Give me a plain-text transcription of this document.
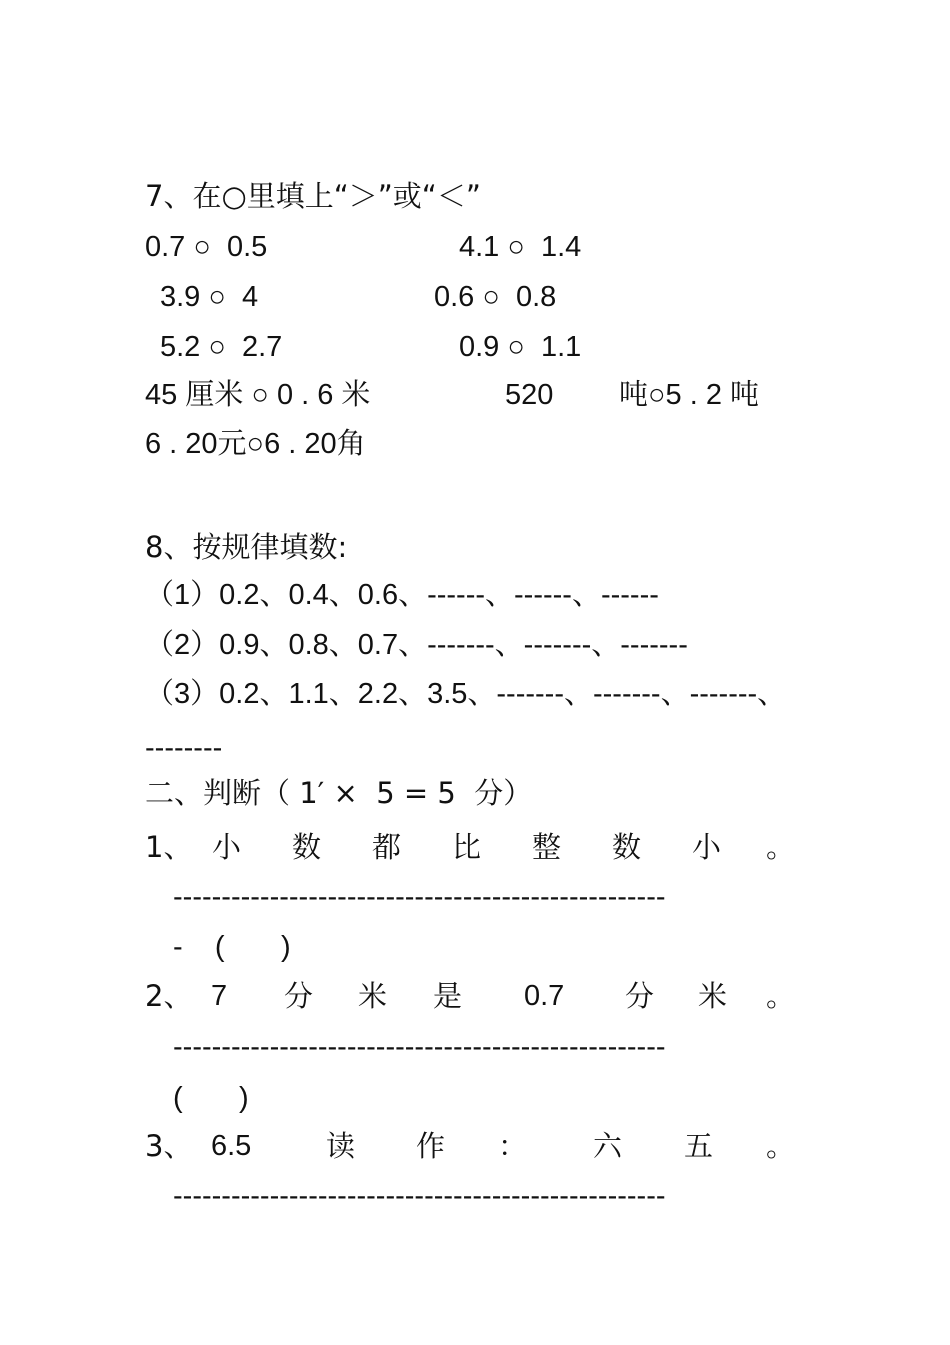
7、在○里填上“＞”或“＜”
0.7 ○  0.5	4.1 ○  1.4
3.9 ○  4	0.6 ○  0.8
5.2 ○  2.7	0.9 ○  1.1
45 厘米 ○ 0 . 6 米	520 吨○5 . 2 吨
6 . 20元○6 . 20角
8、按规律填数:
（1）0.2、0.4、0.6、------、------、------
（2）0.9、0.8、0.7、-------、-------、-------
（3）0.2、1.1、2.2、3.5、-------、-------、-------、
--------
二、判断（ 1′ ×  5 = 5  分）
1、 小 数 都 比 整 数 小 。
---------------------------------------------------
-    (       )
2、 7 分 米 是 0.7 分 米 。
---------------------------------------------------
(       )
3、 6.5	读 作 ： 六 五 。
---------------------------------------------------
